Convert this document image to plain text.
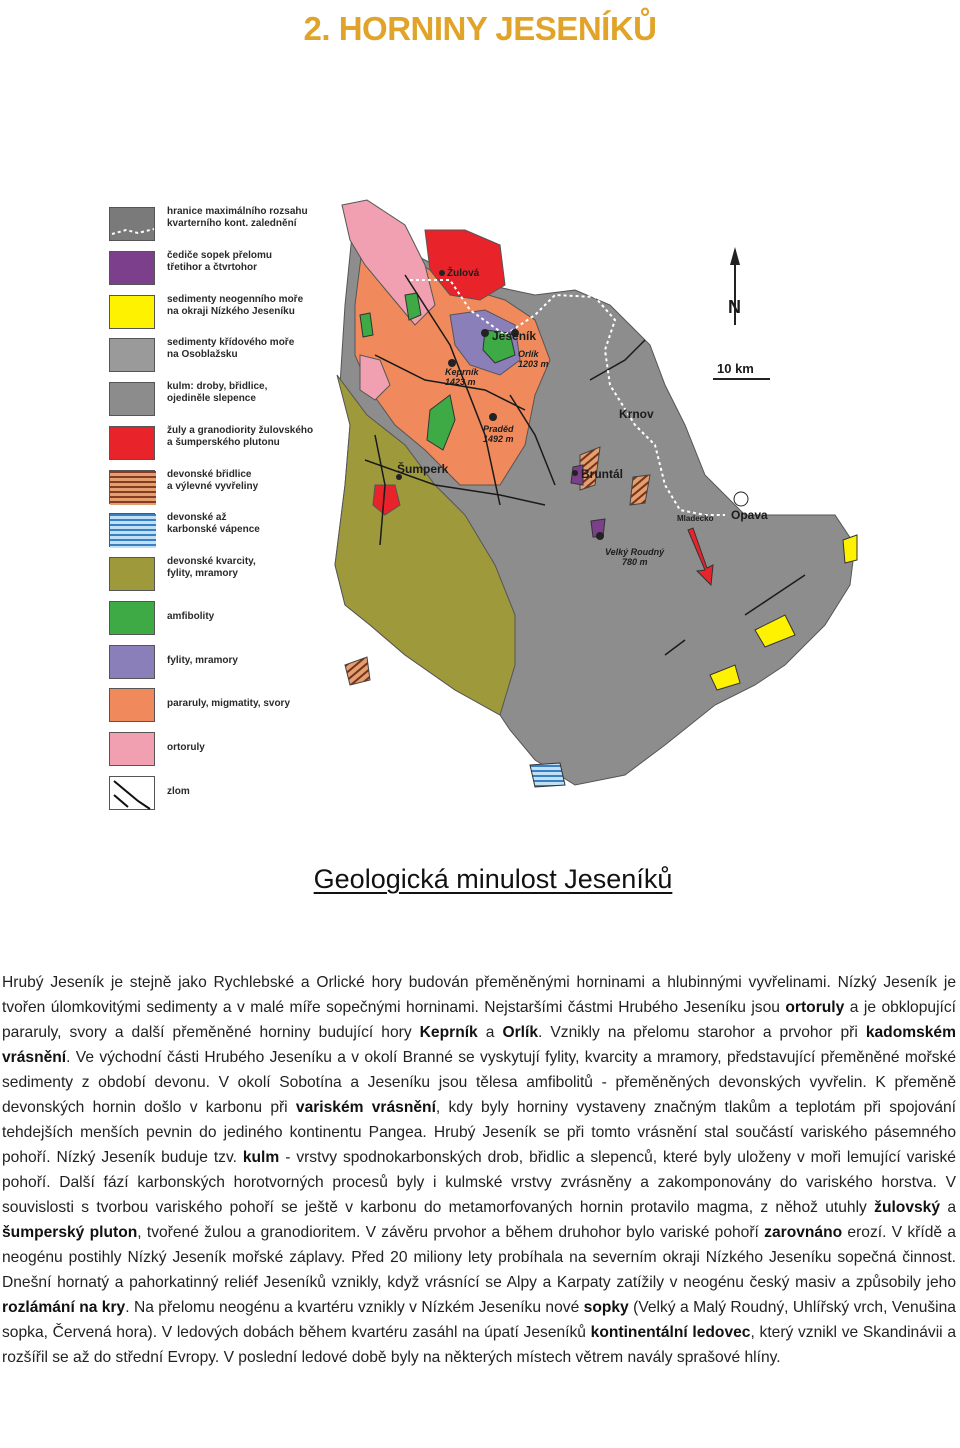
2. HORNINY JESENÍKŮ
N
10 km
Žulová
Jeseník
Keprník
1423 m
Orlík
1203 m
Praděd
1492 m
Krnov
Šumperk	Bruntál
Mladecko Opava
Velký Roudný
780 m
hranice maximálního rozsahu
kvarterního kont. zalednění
čediče sopek přelomu
třetihor a čtvrtohor
sedimenty neogenního moře
na okraji Nízkého Jeseníku
sedimenty křídového moře
na Osoblažsku
kulm: droby, břidlice,
ojediněle slepence
žuly a granodiority žulovského
a šumperského plutonu
devonské břidlice
a výlevné vyvřeliny
devonské až
karbonské vápence
devonské kvarcity,
fylity, mramory
amfibolity
fylity, mramory
pararuly, migmatity, svory
ortoruly
zlom
Geologická minulost Jeseníků
Hrubý Jeseník je stejně jako Rychlebské a Orlické hory budován přeměněnými horninami a hlubinnými vyvřelinami. Nízký Jeseník je tvořen úlomkovitými sedimenty a v malé míře sopečnými horninami. Nejstaršími částmi Hrubého Jeseníku jsou ortoruly a je obklopující pararuly, svory a další přeměněné horniny budující hory Keprník a Orlík. Vznikly na přelomu starohor a prvohor při kadomském vrásnění. Ve východní části Hrubého Jeseníku a v okolí Branné se vyskytují fylity, kvarcity a mramory, představující přeměněné mořské sedimenty z období devonu. V okolí Sobotína a Jeseníku jsou tělesa amfibolitů - přeměněných devonských vyvřelin. K přeměně devonských hornin došlo v karbonu při variském vrásnění, kdy byly horniny vystaveny značným tlakům a teplotám při spojování tehdejších menších pevnin do jediného kontinentu Pangea. Hrubý Jeseník se při tomto vrásnění stal součástí variského pásemného pohoří. Nízký Jeseník buduje tzv. kulm - vrstvy spodnokarbonských drob, břidlic a slepenců, které byly uloženy v moři lemující variské pohoří. Další fází karbonských horotvorných procesů byly i kulmské vrstvy zvrásněny a zakomponovány do variského horstva. V souvislosti s tvorbou variského pohoří se ještě v karbonu do metamorfovaných hornin protavilo magma, z něhož utuhly žulovský a šumperský pluton, tvořené žulou a granodioritem. V závěru prvohor a během druhohor bylo variské pohoří zarovnáno erozí. V křídě a neogénu postihly Nízký Jeseník mořské záplavy. Před 20 miliony lety probíhala na severním okraji Nízkého Jeseníku sopečná činnost. Dnešní hornatý a pahorkatinný reliéf Jeseníků vznikly, když vrásnící se Alpy a Karpaty zatížily v neogénu český masiv a způsobily jeho rozlámání na kry. Na přelomu neogénu a kvartéru vznikly v Nízkém Jeseníku nové sopky (Velký a Malý Roudný, Uhlířský vrch, Venušina sopka, Červená hora). V ledových dobách během kvartéru zasáhl na úpatí Jeseníků kontinentální ledovec, který vznikl ve Skandinávii a rozšířil se až do střední Evropy. V poslední ledové době byly na některých místech větrem navály sprašové hlíny.
